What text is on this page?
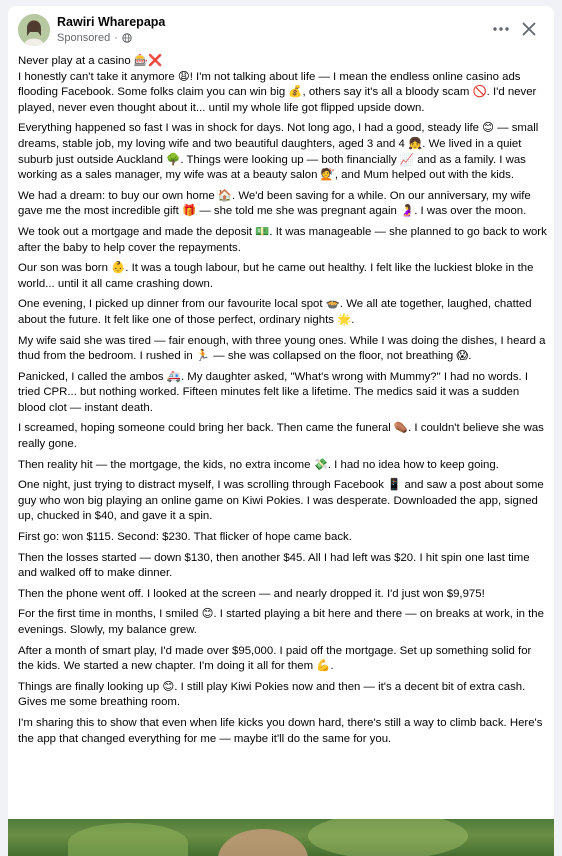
Rawiri Wharepapa
Sponsored ·

Never play at a casino 🎰❌
I honestly can't take it anymore 😩! I'm not talking about life — I mean the endless online casino ads flooding Facebook. Some folks claim you can win big 💰, others say it's all a bloody scam 🚫. I'd never played, never even thought about it... until my whole life got flipped upside down.

Everything happened so fast I was in shock for days. Not long ago, I had a good, steady life 😊 — small dreams, stable job, my loving wife and two beautiful daughters, aged 3 and 4 👧. We lived in a quiet suburb just outside Auckland 🌳. Things were looking up — both financially 📈 and as a family. I was working as a sales manager, my wife was at a beauty salon 💇, and Mum helped out with the kids.

We had a dream: to buy our own home 🏠. We'd been saving for a while. On our anniversary, my wife gave me the most incredible gift 🎁 — she told me she was pregnant again 🤰. I was over the moon.

We took out a mortgage and made the deposit 💵. It was manageable — she planned to go back to work after the baby to help cover the repayments.

Our son was born 👶. It was a tough labour, but he came out healthy. I felt like the luckiest bloke in the world... until it all came crashing down.

One evening, I picked up dinner from our favourite local spot 🍲. We all ate together, laughed, chatted about the future. It felt like one of those perfect, ordinary nights 🌟.

My wife said she was tired — fair enough, with three young ones. While I was doing the dishes, I heard a thud from the bedroom. I rushed in 🏃 — she was collapsed on the floor, not breathing 😱.

Panicked, I called the ambos 🚑. My daughter asked, "What's wrong with Mummy?" I had no words. I tried CPR... but nothing worked. Fifteen minutes felt like a lifetime. The medics said it was a sudden blood clot — instant death.

I screamed, hoping someone could bring her back. Then came the funeral ⚰️. I couldn't believe she was really gone.

Then reality hit — the mortgage, the kids, no extra income 💸. I had no idea how to keep going.

One night, just trying to distract myself, I was scrolling through Facebook 📱 and saw a post about some guy who won big playing an online game on Kiwi Pokies. I was desperate. Downloaded the app, signed up, chucked in $40, and gave it a spin.

First go: won $115. Second: $230. That flicker of hope came back.

Then the losses started — down $130, then another $45. All I had left was $20. I hit spin one last time and walked off to make dinner.

Then the phone went off. I looked at the screen — and nearly dropped it. I'd just won $9,975!

For the first time in months, I smiled 😊. I started playing a bit here and there — on breaks at work, in the evenings. Slowly, my balance grew.

After a month of smart play, I'd made over $95,000. I paid off the mortgage. Set up something solid for the kids. We started a new chapter. I'm doing it all for them 💪.

Things are finally looking up 😊. I still play Kiwi Pokies now and then — it's a decent bit of extra cash. Gives me some breathing room.

I'm sharing this to show that even when life kicks you down hard, there's still a way to climb back. Here's the app that changed everything for me — maybe it'll do the same for you.
